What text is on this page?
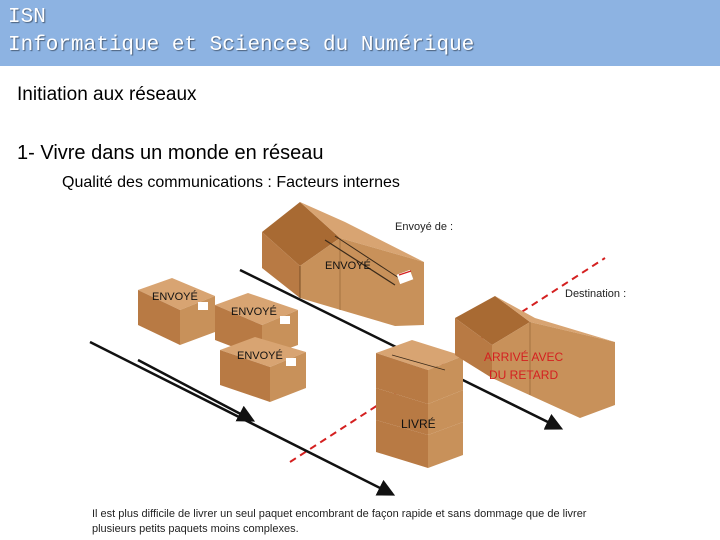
ISN
Informatique et Sciences du Numérique
Initiation aux réseaux
1- Vivre dans un monde en réseau
Qualité des communications : Facteurs internes
ENVOYÉ
ENVOYÉ
ENVOYÉ
ENVOYÉ
LIVRÉ
ARRIVÉ AVEC
DU RETARD
Envoyé de :
Destination :
Il est plus difficile de livrer un seul paquet encombrant de façon rapide et sans dommage que de livrer
plusieurs petits paquets moins complexes.
